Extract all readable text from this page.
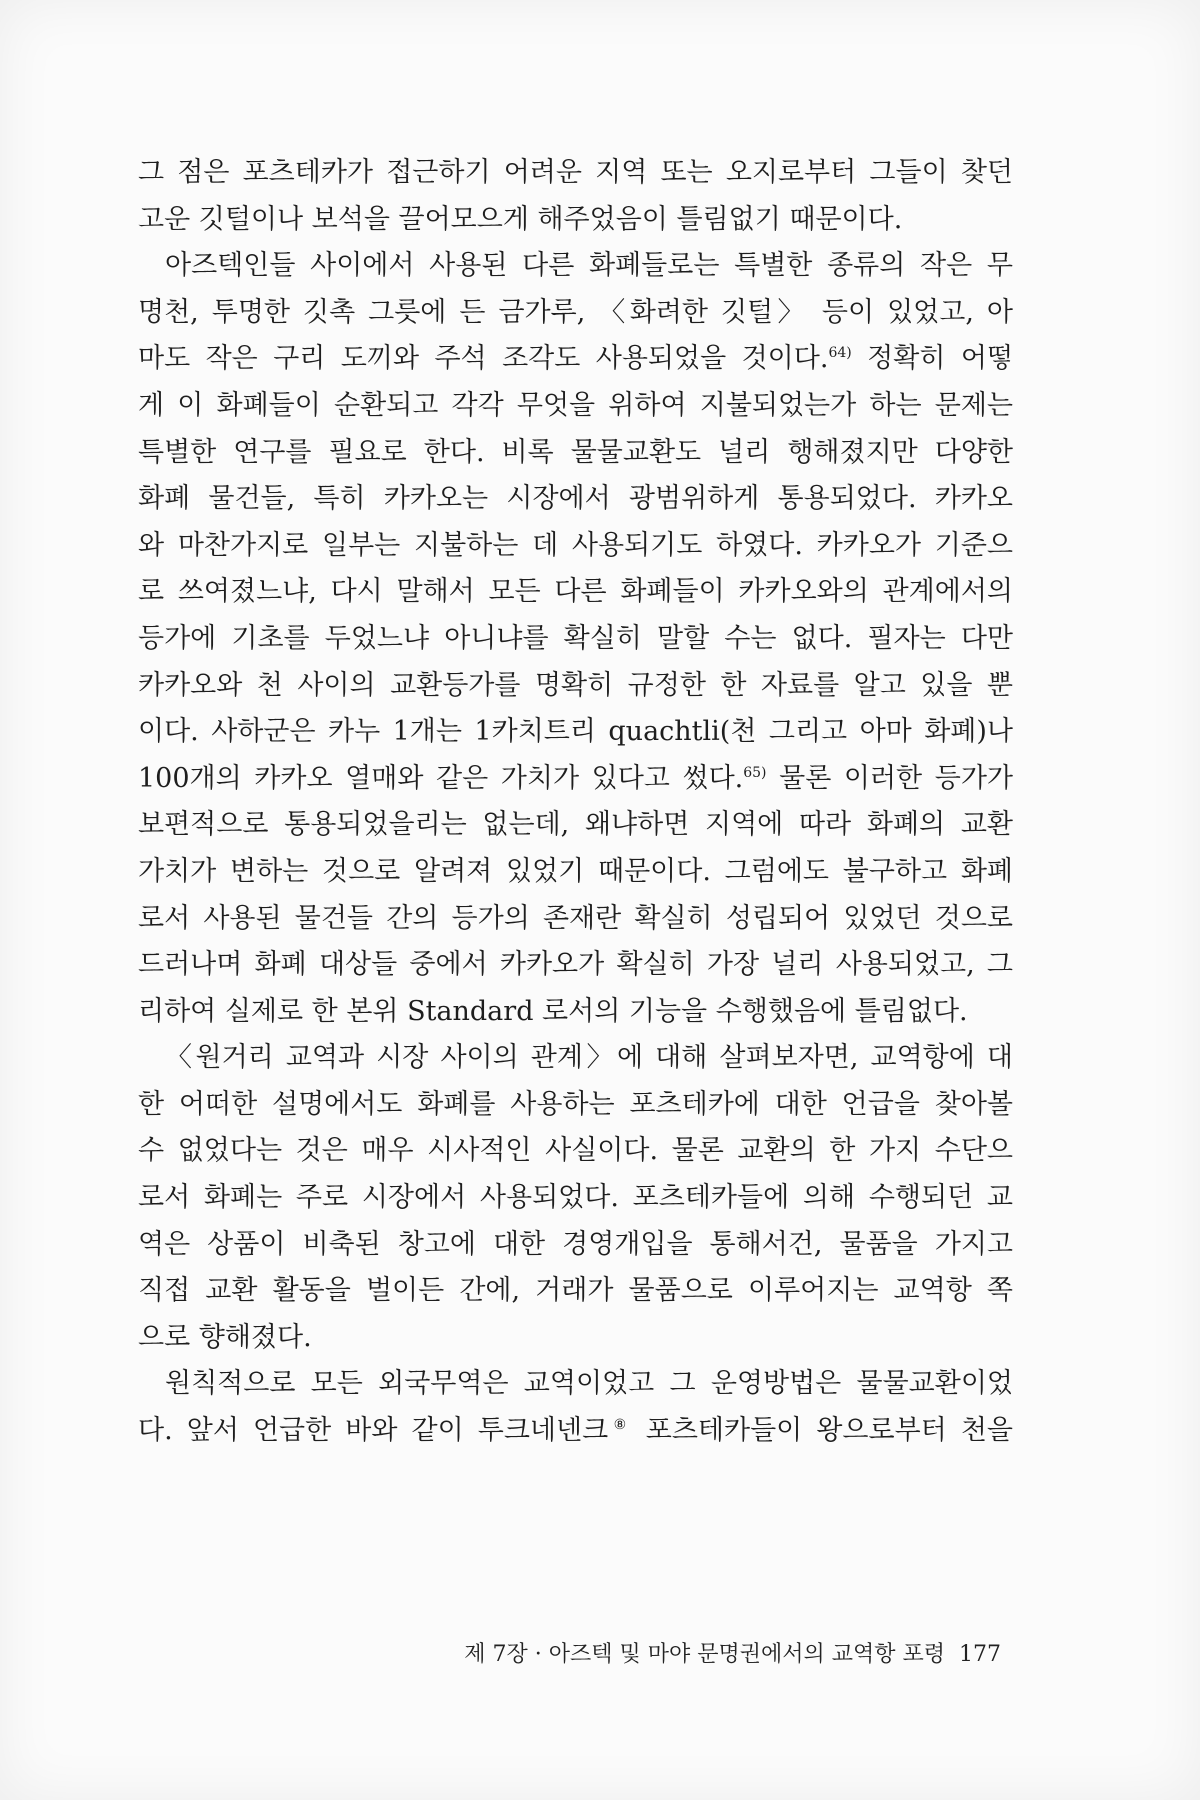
그 점은 포츠테카가 접근하기 어려운 지역 또는 오지로부터 그들이 찾던
고운 깃털이나 보석을 끌어모으게 해주었음이 틀림없기 때문이다.
아즈텍인들 사이에서 사용된 다른 화폐들로는 특별한 종류의 작은 무
명천, 투명한 깃촉 그릇에 든 금가루, 〈화려한 깃털〉 등이 있었고, 아
마도 작은 구리 도끼와 주석 조각도 사용되었을 것이다.$^{64)}$ 정확히 어떻
게 이 화폐들이 순환되고 각각 무엇을 위하여 지불되었는가 하는 문제는
특별한 연구를 필요로 한다. 비록 물물교환도 널리 행해졌지만 다양한
화폐 물건들, 특히 카카오는 시장에서 광범위하게 통용되었다. 카카오
와 마찬가지로 일부는 지불하는 데 사용되기도 하였다. 카카오가 기준으
로 쓰여졌느냐, 다시 말해서 모든 다른 화폐들이 카카오와의 관계에서의
등가에 기초를 두었느냐 아니냐를 확실히 말할 수는 없다. 필자는 다만
카카오와 천 사이의 교환등가를 명확히 규정한 한 자료를 알고 있을 뿐
이다. 사하군은 카누 1개는 1카치트리 quachtli(천 그리고 아마 화폐)나
100개의 카카오 열매와 같은 가치가 있다고 썼다.$^{65)}$ 물론 이러한 등가가
보편적으로 통용되었을리는 없는데, 왜냐하면 지역에 따라 화폐의 교환
가치가 변하는 것으로 알려져 있었기 때문이다. 그럼에도 불구하고 화폐
로서 사용된 물건들 간의 등가의 존재란 확실히 성립되어 있었던 것으로
드러나며 화폐 대상들 중에서 카카오가 확실히 가장 널리 사용되었고, 그
리하여 실제로 한 본위 Standard 로서의 기능을 수행했음에 틀림없다.
〈원거리 교역과 시장 사이의 관계〉에 대해 살펴보자면, 교역항에 대
한 어떠한 설명에서도 화폐를 사용하는 포츠테카에 대한 언급을 찾아볼
수 없었다는 것은 매우 시사적인 사실이다. 물론 교환의 한 가지 수단으
로서 화폐는 주로 시장에서 사용되었다. 포츠테카들에 의해 수행되던 교
역은 상품이 비축된 창고에 대한 경영개입을 통해서건, 물품을 가지고
직접 교환 활동을 벌이든 간에, 거래가 물품으로 이루어지는 교역항 쪽
으로 향해졌다.
원칙적으로 모든 외국무역은 교역이었고 그 운영방법은 물물교환이었
다. 앞서 언급한 바와 같이 투크네넨크⑧ 포츠테카들이 왕으로부터 천을
제 7장 · 아즈텍 및 마야 문명권에서의 교역항 포령 177
